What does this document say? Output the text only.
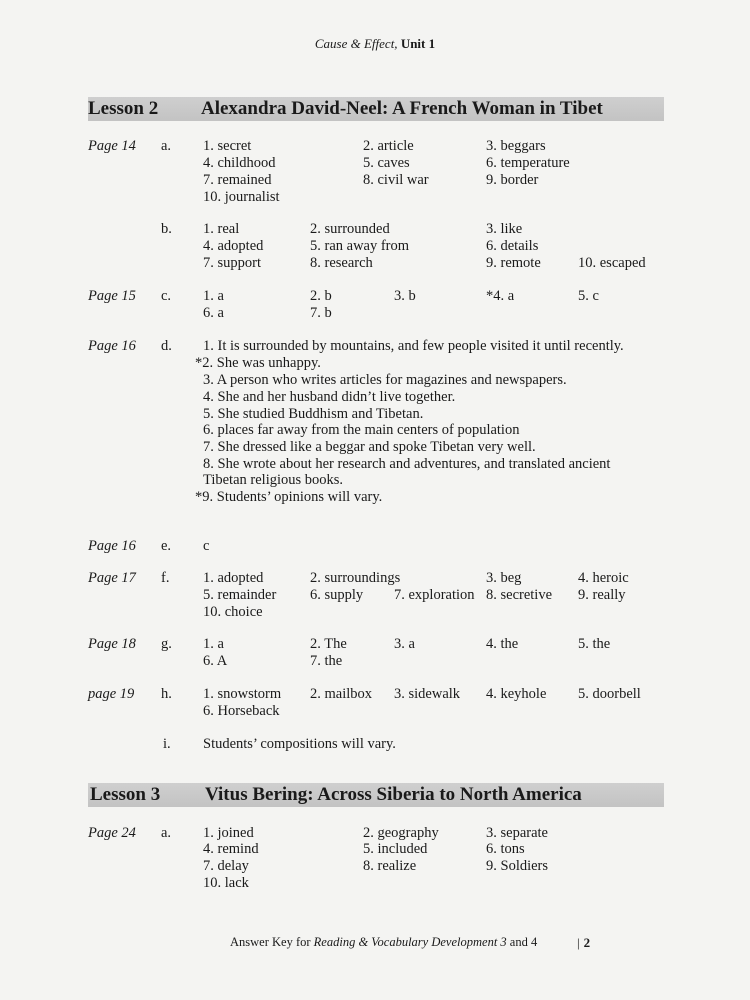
Cause & Effect, Unit 1
Lesson 2 Alexandra David-Neel: A French Woman in Tibet
Page 14 a. 1. secret	2. article	3. beggars
4. childhood	5. caves	6. temperature
7. remained	8. civil war	9. border
10. journalist
b. 1. real	2. surrounded	3. like
4. adopted	5. ran away from	6. details
7. support	8. research	9. remote	10. escaped
Page 15 c. 1. a	2. b	3. b	*4. a	5. c
6. a	7. b
Page 16 d. 1. It is surrounded by mountains, and few people visited it until recently.
*2. She was unhappy.
3. A person who writes articles for magazines and newspapers.
4. She and her husband didn’t live together.
5. She studied Buddhism and Tibetan.
6. places far away from the main centers of population
7. She dressed like a beggar and spoke Tibetan very well.
8. She wrote about her research and adventures, and translated ancient
Tibetan religious books.
*9. Students’ opinions will vary.
Page 16 e. c
Page 17 f. 1. adopted	2. surroundings	3. beg	4. heroic
5. remainder 6. supply 7. exploration 8. secretive 9. really
10. choice
Page 18 g. 1. a	2. The	3. a	4. the	5. the
6. A	7. the
page 19 h. 1. snowstorm 2. mailbox 3. sidewalk 4. keyhole 5. doorbell
6. Horseback
i. Students’ compositions will vary.
Lesson 3 Vitus Bering: Across Siberia to North America
Page 24 a. 1. joined	2. geography	3. separate
4. remind	5. included	6. tons
7. delay	8. realize	9. Soldiers
10. lack
Answer Key for Reading & Vocabulary Development 3 and 4	| 2
